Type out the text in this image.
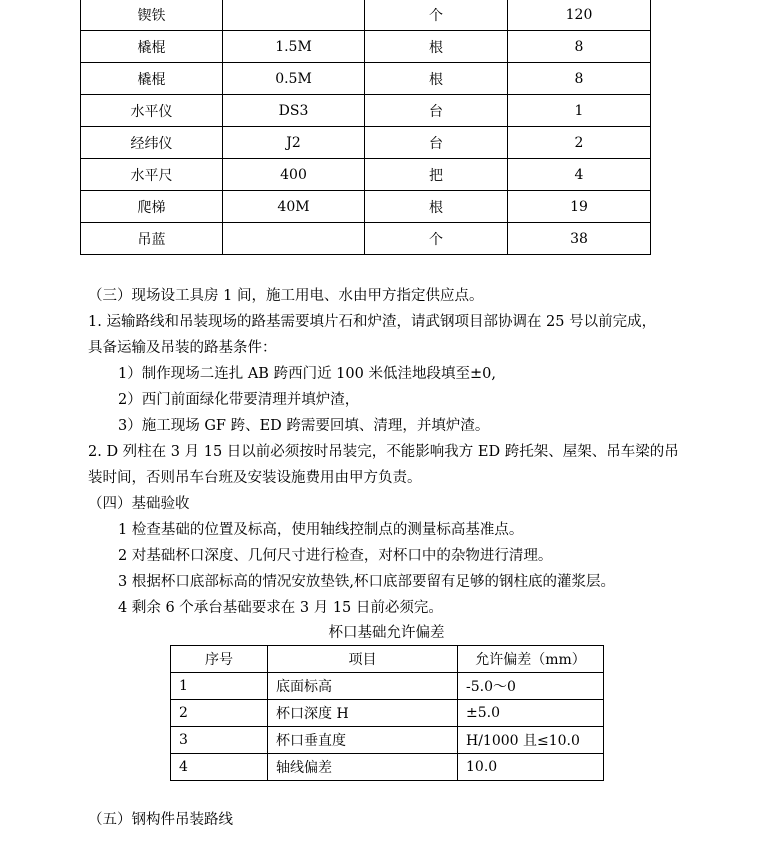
锲铁		个	120
橇棍	1.5M	根	8
橇棍	0.5M	根	8
水平仪	DS3	台	1
经纬仪	J2	台	2
水平尺	400	把	4
爬梯	40M	根	19
吊蓝		个	38

（三）现场设工具房 1 间，施工用电、水由甲方指定供应点。

1. 运输路线和吊装现场的路基需要填片石和炉渣，请武钢项目部协调在 25 号以前完成，

具备运输及吊装的路基条件：

1）制作现场二连扎 AB 跨西门近 100 米低洼地段填至±0,

2）西门前面绿化带要清理并填炉渣，

3）施工现场 GF 跨、ED 跨需要回填、清理，并填炉渣。

2. D 列柱在 3 月 15 日以前必须按时吊装完，不能影响我方 ED 跨托架、屋架、吊车梁的吊

装时间，否则吊车台班及安装设施费用由甲方负责。

（四）基础验收

1 检查基础的位置及标高，使用轴线控制点的测量标高基准点。

2 对基础杯口深度、几何尺寸进行检查，对杯口中的杂物进行清理。

3 根据杯口底部标高的情况安放垫铁,杯口底部要留有足够的钢柱底的灌浆层。

4 剩余 6 个承台基础要求在 3 月 15 日前必须完。

杯口基础允许偏差
序号	项目	允许偏差（mm）
1	底面标高	-5.0～0
2	杯口深度 H	±5.0
3	杯口垂直度	H/1000 且≤10.0
4	轴线偏差	10.0

（五）钢构件吊装路线
